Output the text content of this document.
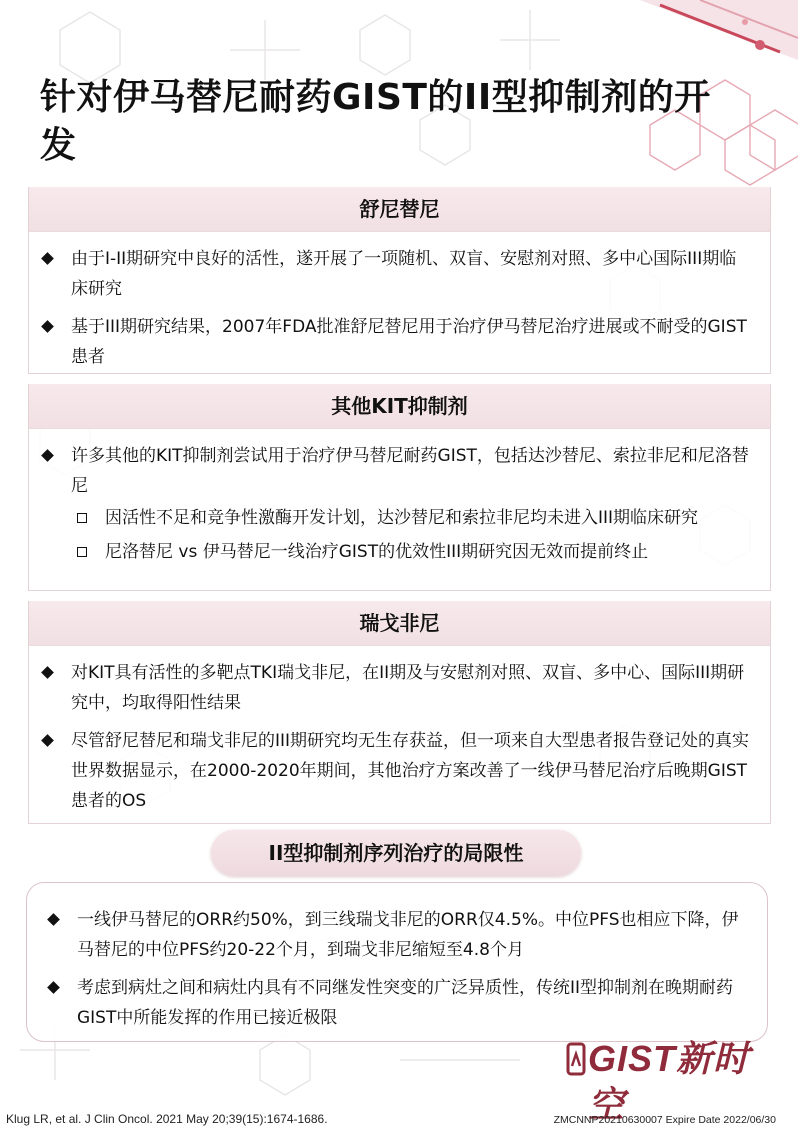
针对伊马替尼耐药GIST的II型抑制剂的开发
舒尼替尼
由于I-II期研究中良好的活性，遂开展了一项随机、双盲、安慰剂对照、多中心国际III期临床研究
基于III期研究结果，2007年FDA批准舒尼替尼用于治疗伊马替尼治疗进展或不耐受的GIST患者
其他KIT抑制剂
许多其他的KIT抑制剂尝试用于治疗伊马替尼耐药GIST，包括达沙替尼、索拉非尼和尼洛替尼
因活性不足和竞争性激酶开发计划，达沙替尼和索拉非尼均未进入III期临床研究
尼洛替尼 vs 伊马替尼一线治疗GIST的优效性III期研究因无效而提前终止
瑞戈非尼
对KIT具有活性的多靶点TKI瑞戈非尼，在II期及与安慰剂对照、双盲、多中心、国际III期研究中，均取得阳性结果
尽管舒尼替尼和瑞戈非尼的III期研究均无生存获益，但一项来自大型患者报告登记处的真实世界数据显示，在2000-2020年期间，其他治疗方案改善了一线伊马替尼治疗后晚期GIST患者的OS
一线伊马替尼的ORR约50%，到三线瑞戈非尼的ORR仅4.5%。中位PFS也相应下降，伊马替尼的中位PFS约20-22个月，到瑞戈非尼缩短至4.8个月
考虑到病灶之间和病灶内具有不同继发性突变的广泛异质性，传统II型抑制剂在晚期耐药GIST中所能发挥的作用已接近极限
II型抑制剂序列治疗的局限性
GIST新时空
Klug LR, et al. J Clin Oncol. 2021 May 20;39(15):1674-1686.	ZMCNNP20210630007 Expire Date 2022/06/30
